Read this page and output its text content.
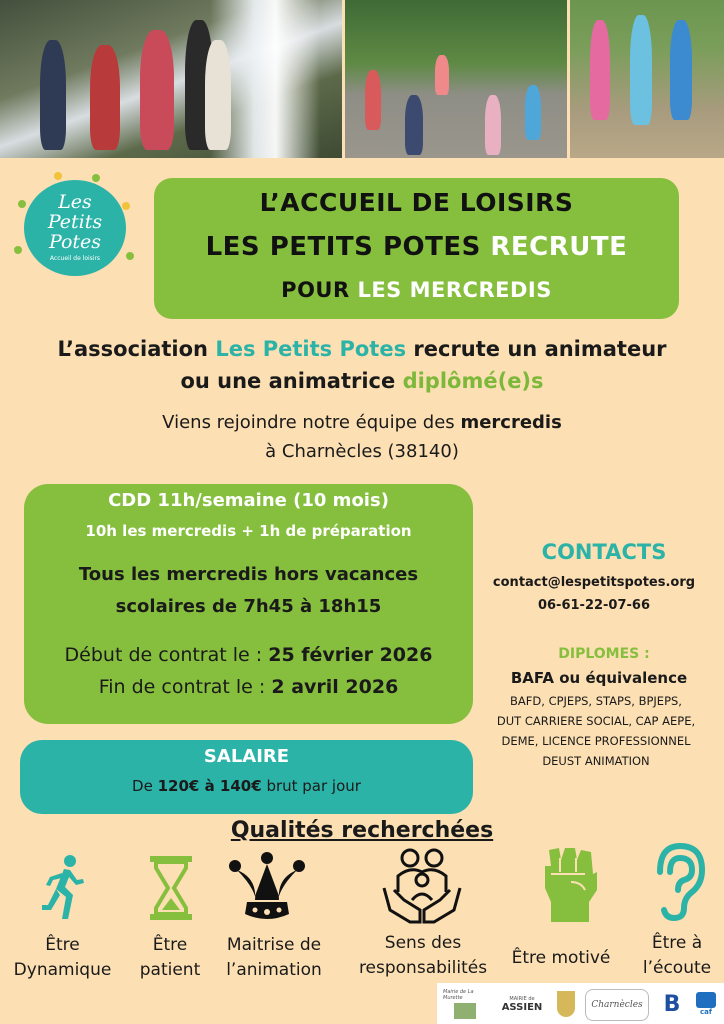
Les
Petits
Potes
Accueil de loisirs
L’ACCUEIL DE LOISIRS
LES PETITS POTES RECRUTE
POUR LES MERCREDIS
L’association Les Petits Potes recrute un animateur
ou une animatrice diplômé(e)s
Viens rejoindre notre équipe des mercredis
à Charnècles (38140)
CDD 11h/semaine (10 mois)
10h les mercredis + 1h de préparation
Tous les mercredis hors vacances
scolaires de 7h45 à 18h15
Début de contrat le : 25 février 2026
Fin de contrat le : 2 avril 2026
SALAIRE
De 120€ à 140€ brut par jour
CONTACTS
contact@lespetitspotes.org
06-61-22-07-66
DIPLOMES :
BAFA ou équivalence
BAFD, CPJEPS, STAPS, BPJEPS,
DUT CARRIERE SOCIAL, CAP AEPE,
DEME, LICENCE PROFESSIONNEL
DEUST ANIMATION
Qualités recherchées
Être
Dynamique
Être
patient
Maitrise de
l’animation
Sens des
responsabilités	Être motivé
Être à
l’écoute
Mairie de La Murette	MAIRIE de
ASSIEN	Charnècles B	caf
